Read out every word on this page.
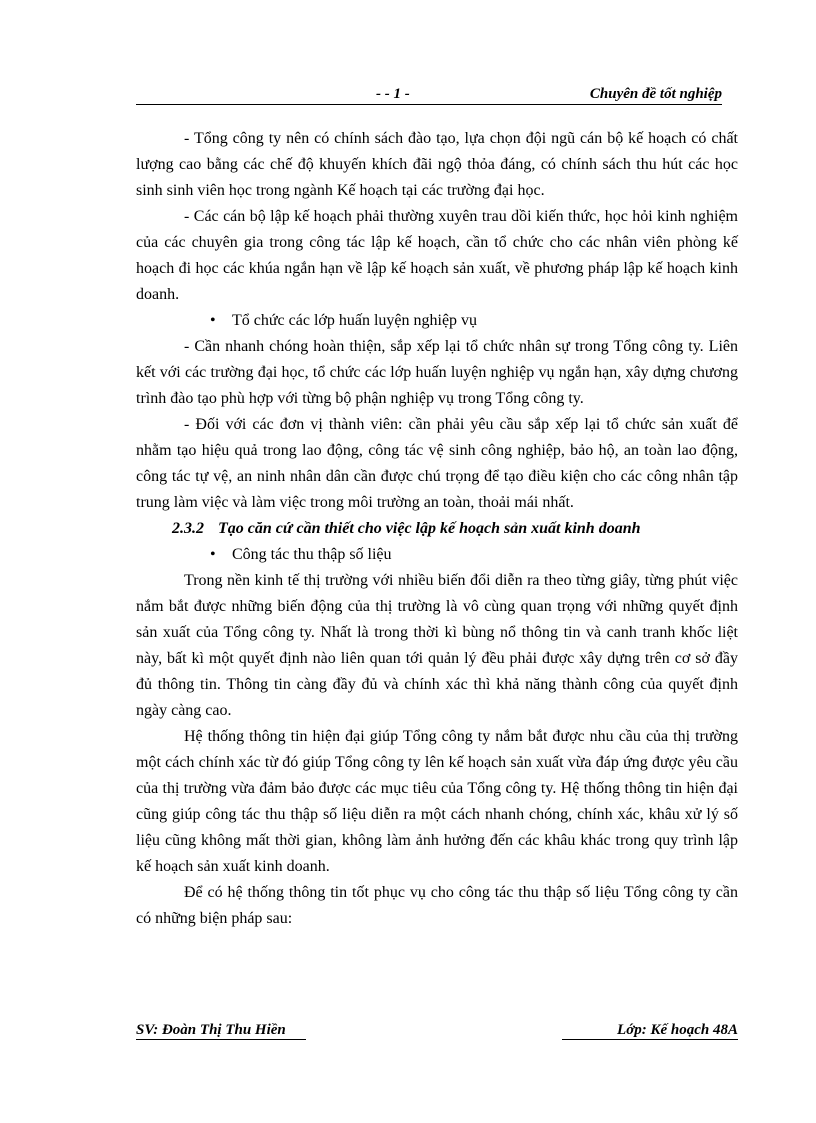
- - 1 -	Chuyên đề tốt nghiệp

- Tổng công ty nên có chính sách đào tạo, lựa chọn đội ngũ cán bộ kế hoạch có chất lượng cao bằng các chế độ khuyến khích đãi ngộ thỏa đáng, có chính sách thu hút các học sinh sinh viên học trong ngành Kế hoạch tại các trường đại học.

- Các cán bộ lập kế hoạch phải thường xuyên trau dồi kiến thức, học hỏi kinh nghiệm của các chuyên gia trong công tác lập kế hoạch, cần tổ chức cho các nhân viên phòng kế hoạch đi học các khúa ngắn hạn về lập kế hoạch sản xuất, về phương pháp lập kế hoạch kinh doanh.

• Tổ chức các lớp huấn luyện nghiệp vụ

- Cần nhanh chóng hoàn thiện, sắp xếp lại tổ chức nhân sự trong Tổng công ty. Liên kết với các trường đại học, tổ chức các lớp huấn luyện nghiệp vụ ngắn hạn, xây dựng chương trình đào tạo phù hợp với từng bộ phận nghiệp vụ trong Tổng công ty.

- Đối với các đơn vị thành viên: cần phải yêu cầu sắp xếp lại tổ chức sản xuất để nhằm tạo hiệu quả trong lao động, công tác vệ sinh công nghiệp, bảo hộ, an toàn lao động, công tác tự vệ, an ninh nhân dân cần được chú trọng để tạo điều kiện cho các công nhân tập trung làm việc và làm việc trong môi trường an toàn, thoải mái nhất.

2.3.2 Tạo căn cứ cần thiết cho việc lập kế hoạch sản xuất kinh doanh

• Công tác thu thập số liệu

Trong nền kinh tế thị trường với nhiều biến đổi diễn ra theo từng giây, từng phút việc nắm bắt được những biến động của thị trường là vô cùng quan trọng với những quyết định sản xuất của Tổng công ty. Nhất là trong thời kì bùng nổ thông tin và canh tranh khốc liệt này, bất kì một quyết định nào liên quan tới quản lý đều phải được xây dựng trên cơ sở đầy đủ thông tin. Thông tin càng đầy đủ và chính xác thì khả năng thành công của quyết định ngày càng cao.

Hệ thống thông tin hiện đại giúp Tổng công ty nắm bắt được nhu cầu của thị trường một cách chính xác từ đó giúp Tổng công ty lên kế hoạch sản xuất vừa đáp ứng được yêu cầu của thị trường vừa đảm bảo được các mục tiêu của Tổng công ty. Hệ thống thông tin hiện đại cũng giúp công tác thu thập số liệu diễn ra một cách nhanh chóng, chính xác, khâu xử lý số liệu cũng không mất thời gian, không làm ảnh hưởng đến các khâu khác trong quy trình lập kế hoạch sản xuất kinh doanh.

Để có hệ thống thông tin tốt phục vụ cho công tác thu thập số liệu Tổng công ty cần có những biện pháp sau:

SV: Đoàn Thị Thu Hiền	Lớp: Kế hoạch 48A
